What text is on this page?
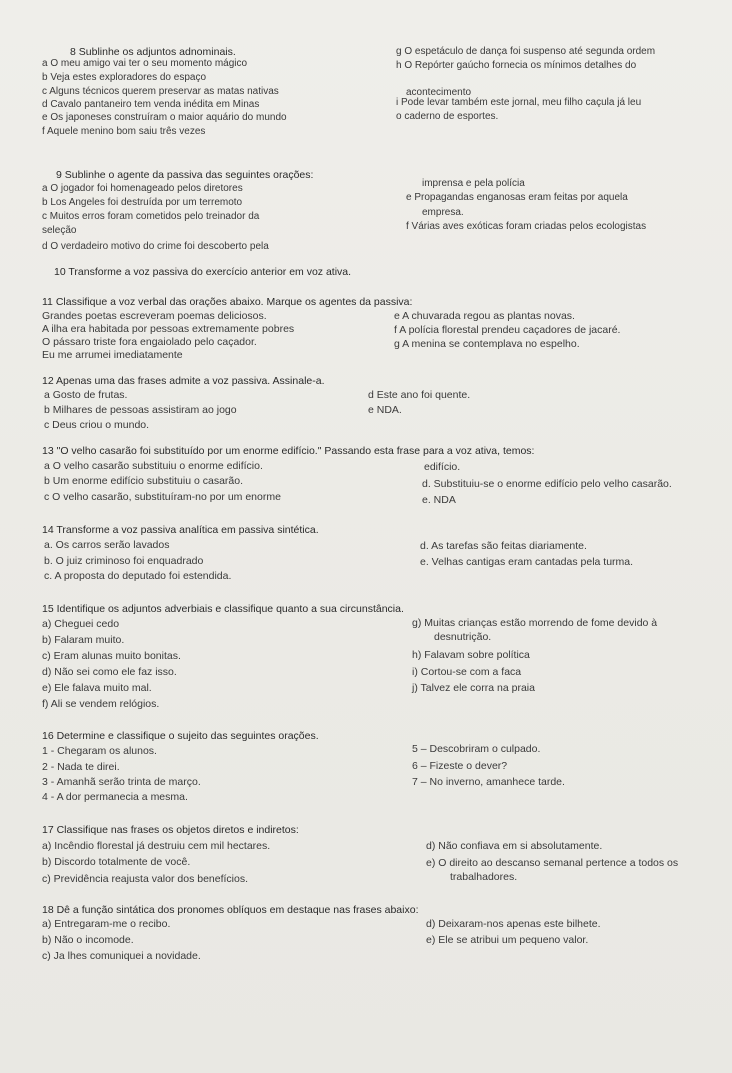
8 Sublinhe os adjuntos adnominais.
a O meu amigo vai ter o seu momento mágico
b Veja estes exploradores do espaço
c Alguns técnicos querem preservar as matas nativas
d Cavalo pantaneiro tem venda inédita em Minas
e Os japoneses construíram o maior aquário do mundo
f Aquele menino bom saiu três vezes
g O espetáculo de dança foi suspenso até segunda ordem
h O Repórter gaúcho fornecia os mínimos detalhes do
acontecimento
i Pode levar também este jornal, meu filho caçula já leu
o caderno de esportes.
9 Sublinhe o agente da passiva das seguintes orações:
a O jogador foi homenageado pelos diretores
b Los Angeles foi destruída por um terremoto
c Muitos erros foram cometidos pelo treinador da
seleção
d O verdadeiro motivo do crime foi descoberto pela
imprensa e pela polícia
e Propagandas enganosas eram feitas por aquela
empresa.
f Várias aves exóticas foram criadas pelos ecologistas
10 Transforme a voz passiva do exercício anterior em voz ativa.
11 Classifique a voz verbal das orações abaixo. Marque os agentes da passiva:
Grandes poetas escreveram poemas deliciosos.
A ilha era habitada por pessoas extremamente pobres
O pássaro triste fora engaiolado pelo caçador.
Eu me arrumei imediatamente
e A chuvarada regou as plantas novas.
f A polícia florestal prendeu caçadores de jacaré.
g A menina se contemplava no espelho.
12 Apenas uma das frases admite a voz passiva. Assinale-a.
a Gosto de frutas.
b Milhares de pessoas assistiram ao jogo
c Deus criou o mundo.
d Este ano foi quente.
e NDA.
13 "O velho casarão foi substituído por um enorme edifício." Passando esta frase para a voz ativa, temos:
a O velho casarão substituiu o enorme edifício.	edifício.
b Um enorme edifício substituiu o casarão.
c O velho casarão, substituíram-no por um enorme
d. Substituiu-se o enorme edifício pelo velho casarão.
e. NDA
14 Transforme a voz passiva analítica em passiva sintética.
a. Os carros serão lavados
b. O juiz criminoso foi enquadrado
c. A proposta do deputado foi estendida.
d. As tarefas são feitas diariamente.
e. Velhas cantigas eram cantadas pela turma.
15 Identifique os adjuntos adverbiais e classifique quanto a sua circunstância.
a) Cheguei cedo
b) Falaram muito.
c) Eram alunas muito bonitas.
d) Não sei como ele faz isso.
e) Ele falava muito mal.
f) Ali se vendem relógios.
g) Muitas crianças estão morrendo de fome devido à
desnutrição.
h) Falavam sobre política
i) Cortou-se com a faca
j) Talvez ele corra na praia
16 Determine e classifique o sujeito das seguintes orações.
1 - Chegaram os alunos.
2 - Nada te direi.
3 - Amanhã serão trinta de março.
4 - A dor permanecia a mesma.
5 – Descobriram o culpado.
6 – Fizeste o dever?
7 – No inverno, amanhece tarde.
17 Classifique nas frases os objetos diretos e indiretos:
a) Incêndio florestal já destruiu cem mil hectares.
b) Discordo totalmente de você.
c) Previdência reajusta valor dos benefícios.
d) Não confiava em si absolutamente.
e) O direito ao descanso semanal pertence a todos os
trabalhadores.
18 Dê a função sintática dos pronomes oblíquos em destaque nas frases abaixo:
a) Entregaram-me o recibo.
b) Não o incomode.
c) Ja lhes comuniquei a novidade.
d) Deixaram-nos apenas este bilhete.
e) Ele se atribui um pequeno valor.
